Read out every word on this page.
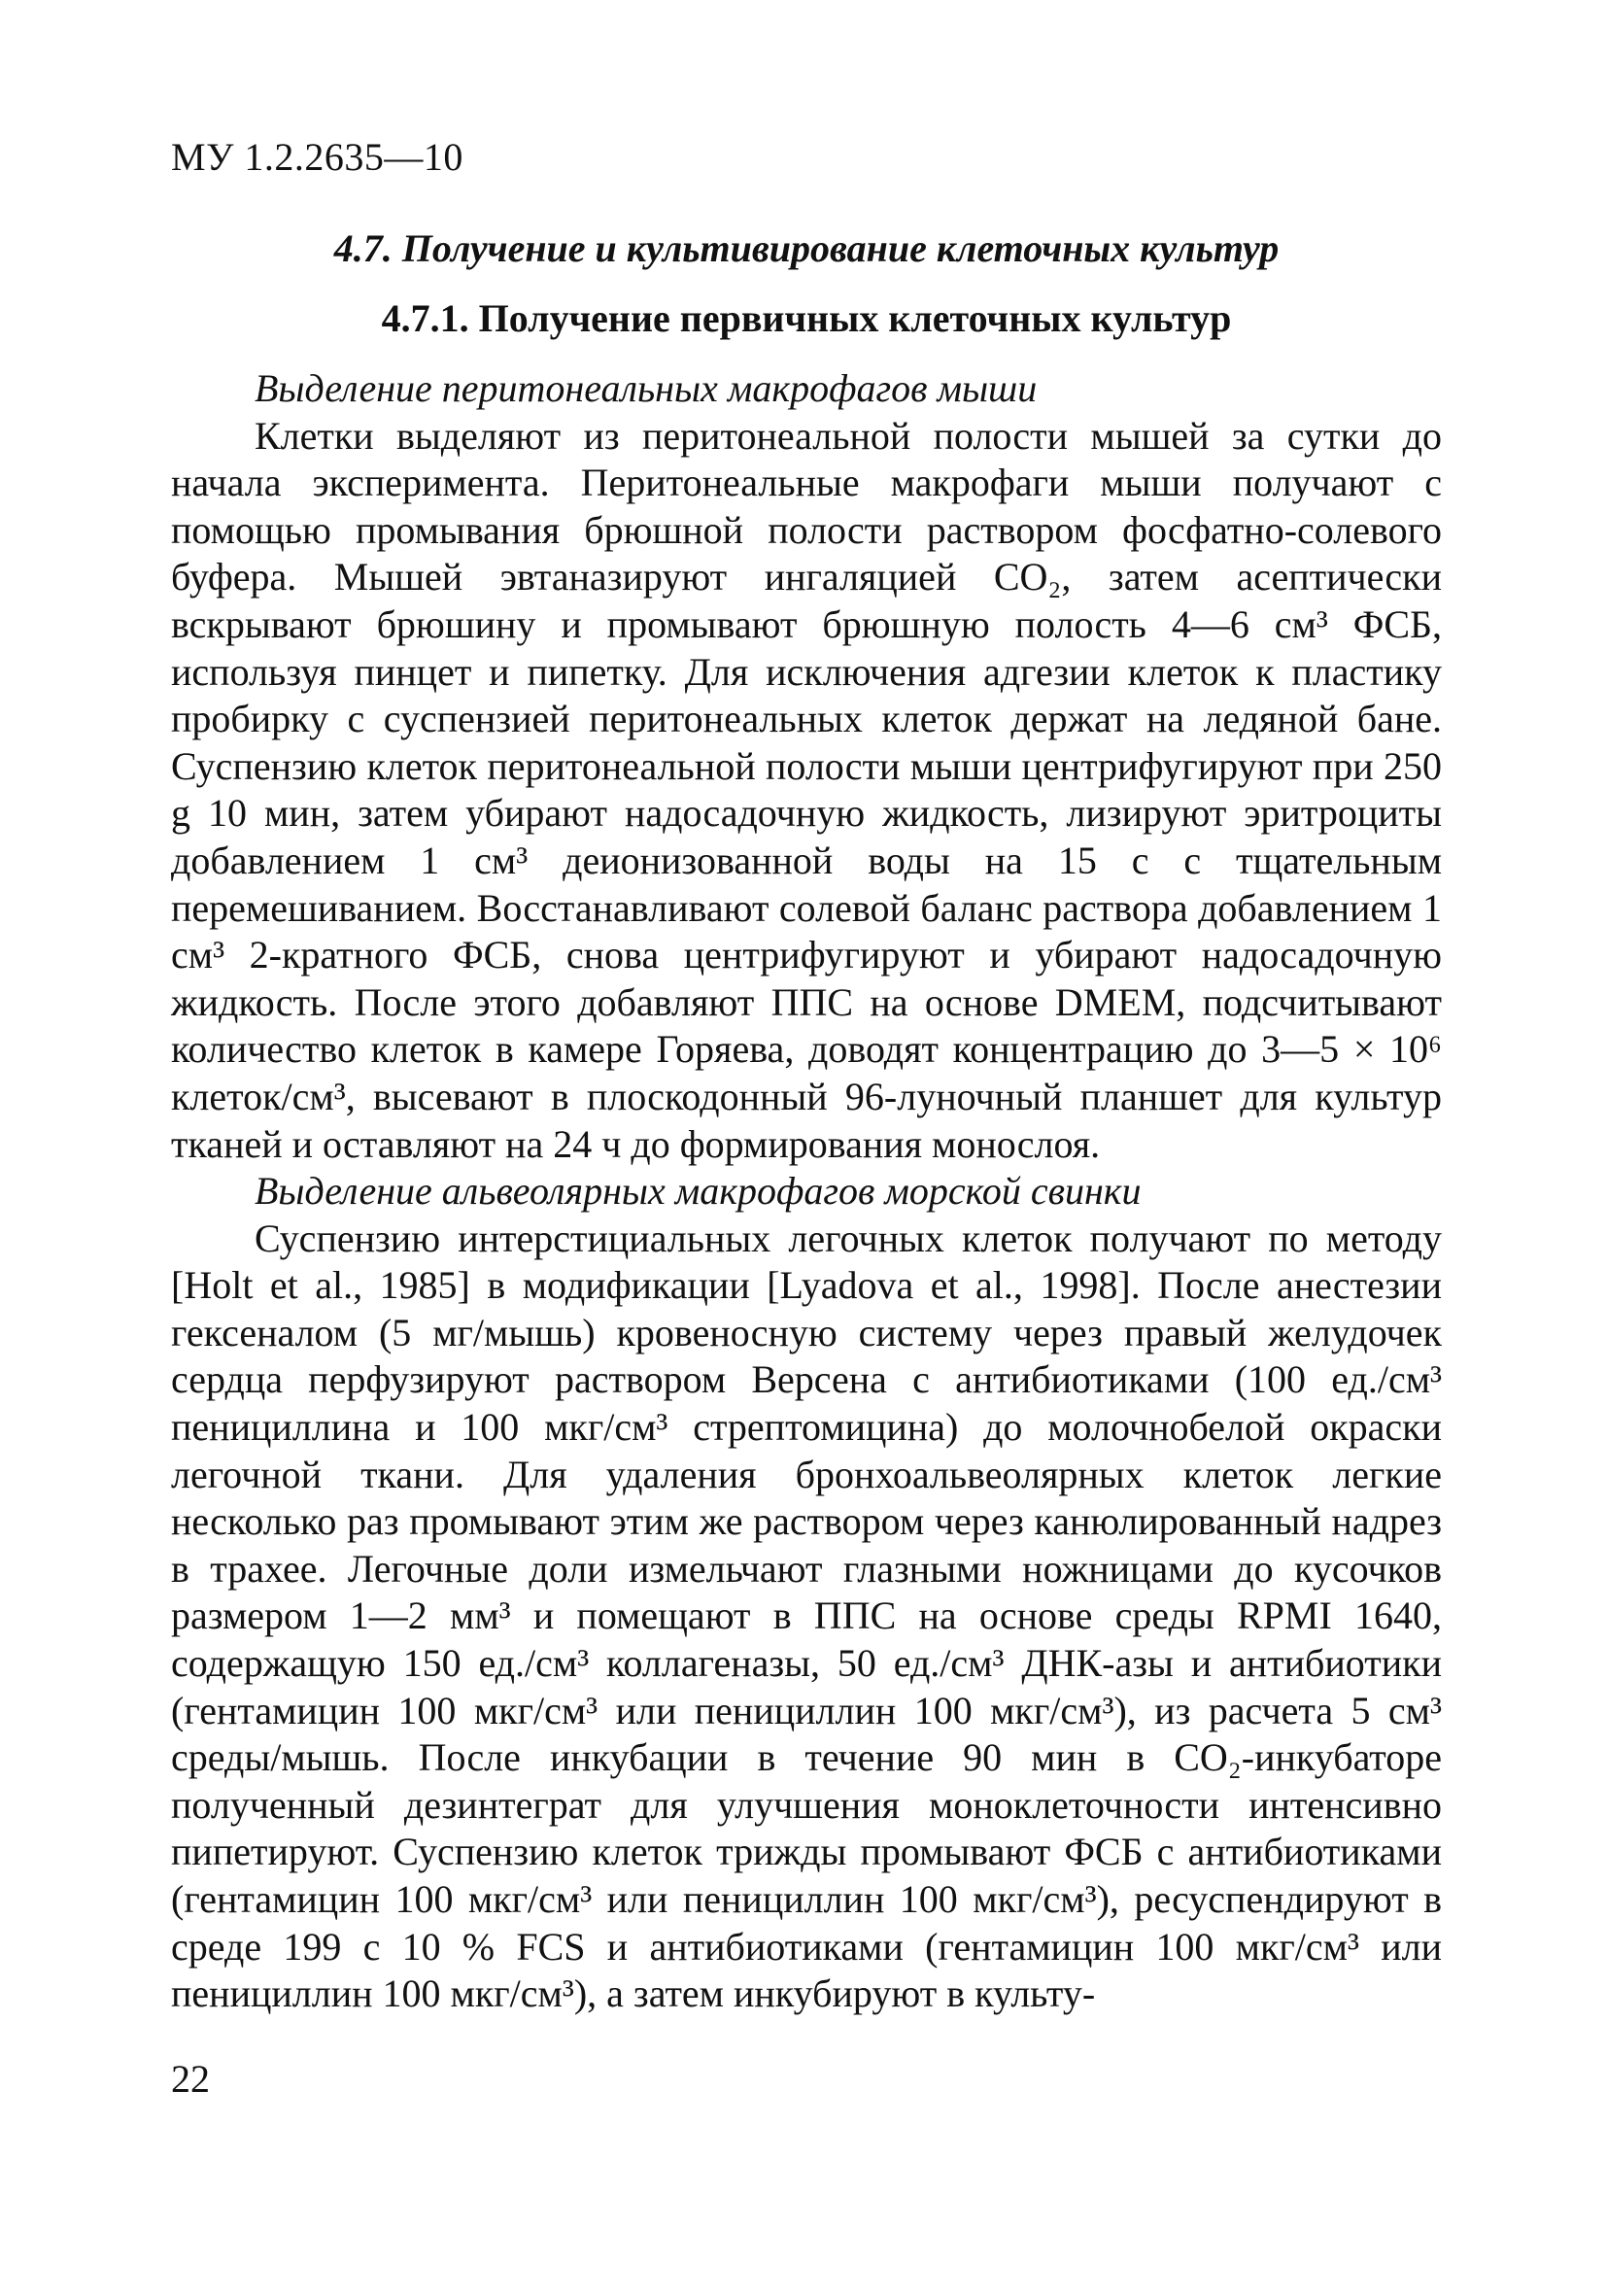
МУ 1.2.2635—10
4.7. Получение и культивирование клеточных культур
4.7.1. Получение первичных клеточных культур

Выделение перитонеальных макрофагов мыши

Клетки выделяют из перитонеальной полости мышей за сутки до начала эксперимента. Перитонеальные макрофаги мыши получают с помощью промывания брюшной полости раствором фосфатно-солевого буфера. Мышей эвтаназируют ингаляцией CO₂, затем асептически вскрывают брюшину и промывают брюшную полость 4—6 см³ ФСБ, используя пинцет и пипетку. Для исключения адгезии клеток к пластику пробирку с суспензией перитонеальных клеток держат на ледяной бане. Суспензию клеток перитонеальной полости мыши центрифугируют при 250 g 10 мин, затем убирают надосадочную жидкость, лизируют эритроциты добавлением 1 см³ деионизованной воды на 15 с с тщательным перемешиванием. Восстанавливают солевой баланс раствора добавлением 1 см³ 2-кратного ФСБ, снова центрифугируют и убирают надосадочную жидкость. После этого добавляют ППС на основе DMEM, подсчитывают количество клеток в камере Горяева, доводят концентрацию до 3—5 × 10⁶ клеток/см³, высевают в плоскодонный 96-луночный планшет для культур тканей и оставляют на 24 ч до формирования монослоя.

Выделение альвеолярных макрофагов морской свинки

Суспензию интерстициальных легочных клеток получают по методу [Holt et al., 1985] в модификации [Lyadova et al., 1998]. После анестезии гексеналом (5 мг/мышь) кровеносную систему через правый желудочек сердца перфузируют раствором Версена с антибиотиками (100 ед./см³ пенициллина и 100 мкг/см³ стрептомицина) до молочнобелой окраски легочной ткани. Для удаления бронхоальвеолярных клеток легкие несколько раз промывают этим же раствором через канюлированный надрез в трахее. Легочные доли измельчают глазными ножницами до кусочков размером 1—2 мм³ и помещают в ППС на основе среды RPMI 1640, содержащую 150 ед./см³ коллагеназы, 50 ед./см³ ДНК-азы и антибиотики (гентамицин 100 мкг/см³ или пенициллин 100 мкг/см³), из расчета 5 см³ среды/мышь. После инкубации в течение 90 мин в CO₂-инкубаторе полученный дезинтеграт для улучшения моноклеточности интенсивно пипетируют. Суспензию клеток трижды промывают ФСБ с антибиотиками (гентамицин 100 мкг/см³ или пенициллин 100 мкг/см³), ресуспендируют в среде 199 с 10 % FCS и антибиотиками (гентамицин 100 мкг/см³ или пенициллин 100 мкг/см³), а затем инкубируют в культу-

22
